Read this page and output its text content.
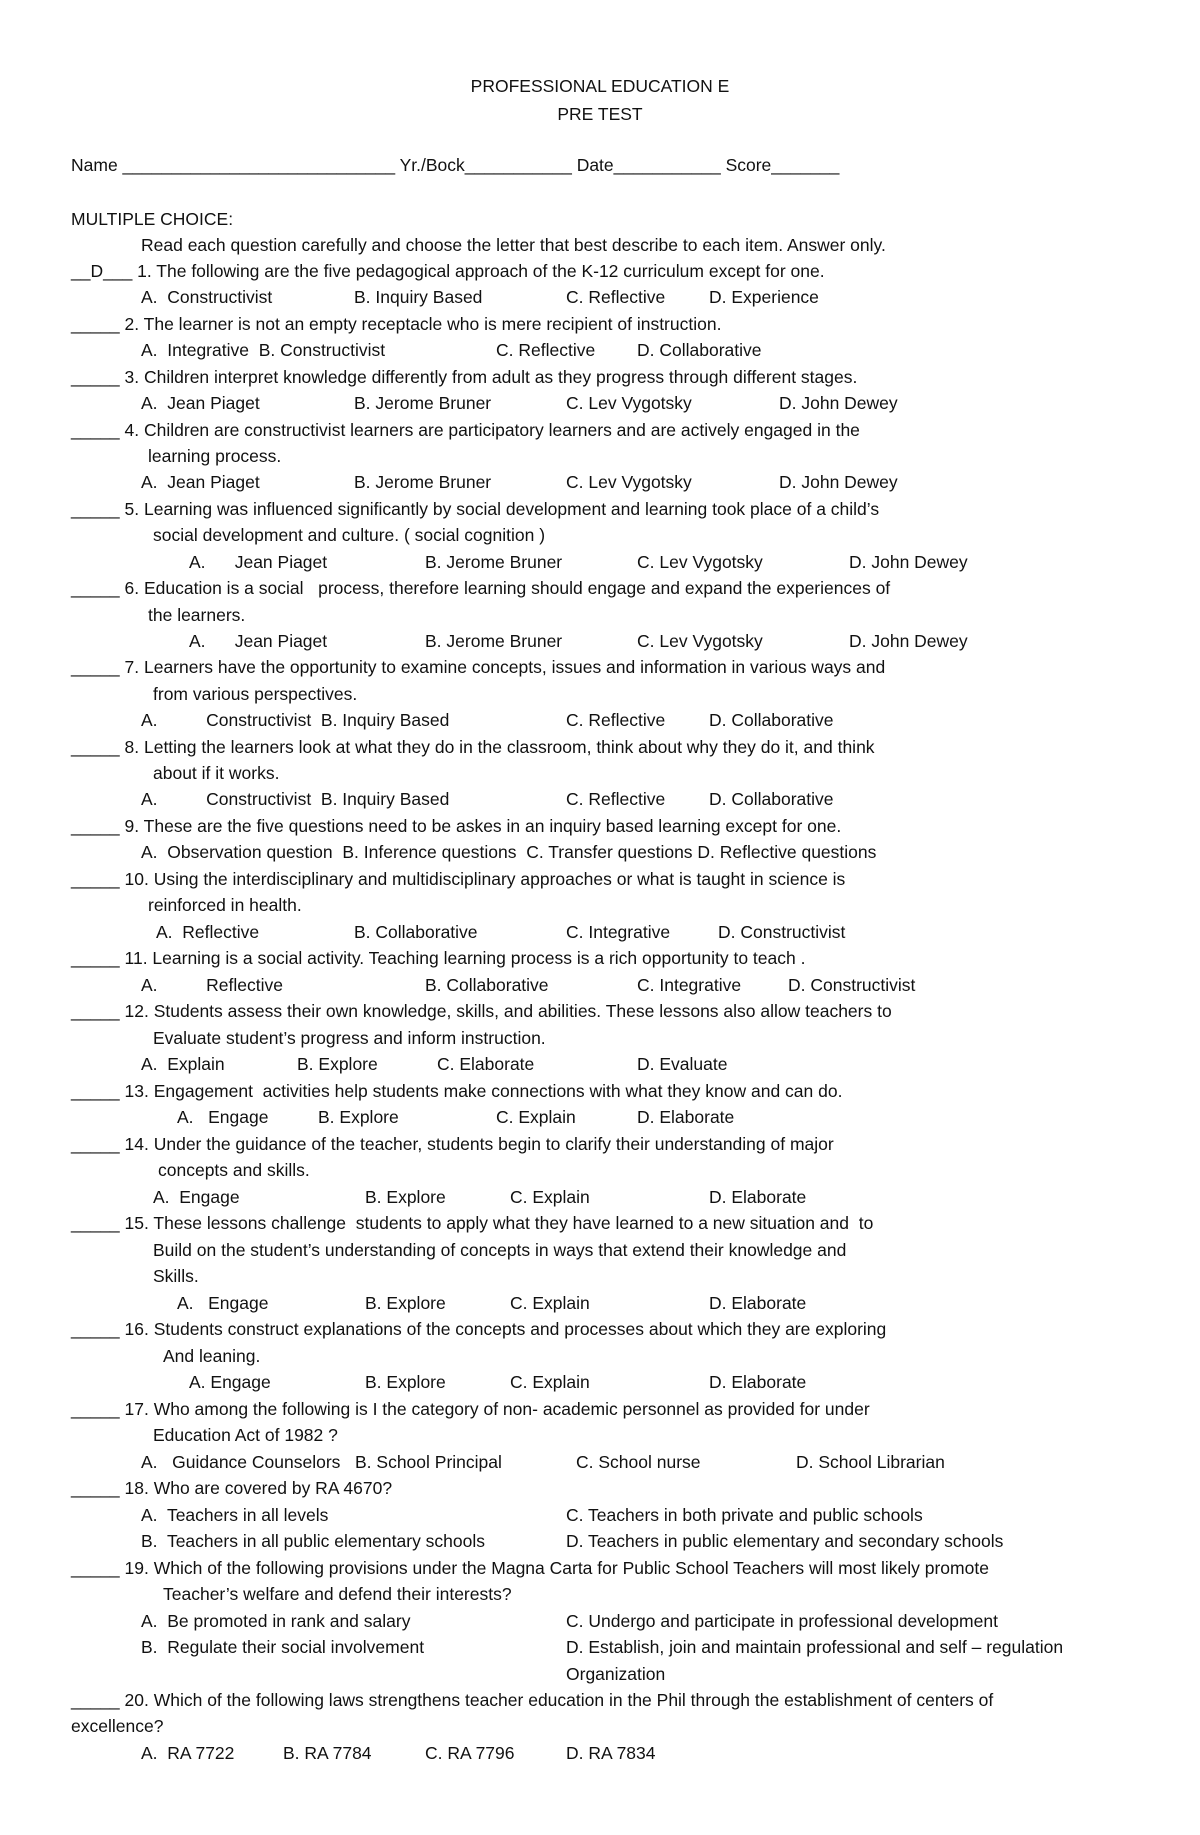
PROFESSIONAL EDUCATION E
PRE TEST
Name ____________________________ Yr./Bock___________ Date___________ Score_______
MULTIPLE CHOICE:
Read each question carefully and choose the letter that best describe to each item. Answer only.
__D___ 1. The following are the five pedagogical approach of the K-12 curriculum except for one.
A.  Constructivist	B. Inquiry Based	C. Reflective	D. Experience
_____ 2. The learner is not an empty receptacle who is mere recipient of instruction.
A.  Integrative  B. Constructivist	C. Reflective D. Collaborative
_____ 3. Children interpret knowledge differently from adult as they progress through different stages.
A.  Jean Piaget	B. Jerome Bruner	C. Lev Vygotsky	D. John Dewey
_____ 4. Children are constructivist learners are participatory learners and are actively engaged in the
learning process.
A.  Jean Piaget	B. Jerome Bruner	C. Lev Vygotsky	D. John Dewey
_____ 5. Learning was influenced significantly by social development and learning took place of a child’s
social development and culture. ( social cognition )
A.      Jean Piaget	B. Jerome Bruner	C. Lev Vygotsky	D. John Dewey
_____ 6. Education is a social   process, therefore learning should engage and expand the experiences of
the learners.
A.      Jean Piaget	B. Jerome Bruner	C. Lev Vygotsky	D. John Dewey
_____ 7. Learners have the opportunity to examine concepts, issues and information in various ways and
from various perspectives.
A.          Constructivist  B. Inquiry Based	C. Reflective	D. Collaborative
_____ 8. Letting the learners look at what they do in the classroom, think about why they do it, and think
about if it works.
A.          Constructivist  B. Inquiry Based	C. Reflective	D. Collaborative
_____ 9. These are the five questions need to be askes in an inquiry based learning except for one.
A.  Observation question  B. Inference questions  C. Transfer questions D. Reflective questions
_____ 10. Using the interdisciplinary and multidisciplinary approaches or what is taught in science is
reinforced in health.
A.  Reflective	B. Collaborative	C. Integrative	D. Constructivist
_____ 11. Learning is a social activity. Teaching learning process is a rich opportunity to teach .
A.          Reflective	B. Collaborative	C. Integrative	D. Constructivist
_____ 12. Students assess their own knowledge, skills, and abilities. These lessons also allow teachers to
Evaluate student’s progress and inform instruction.
A.  Explain	B. Explore	C. Elaborate	D. Evaluate
_____ 13. Engagement  activities help students make connections with what they know and can do.
A.   Engage	B. Explore	C. Explain	D. Elaborate
_____ 14. Under the guidance of the teacher, students begin to clarify their understanding of major
concepts and skills.
A.  Engage	B. Explore	C. Explain	D. Elaborate
_____ 15. These lessons challenge  students to apply what they have learned to a new situation and  to
Build on the student’s understanding of concepts in ways that extend their knowledge and
Skills.
A.   Engage	B. Explore	C. Explain	D. Elaborate
_____ 16. Students construct explanations of the concepts and processes about which they are exploring
And leaning.
A. Engage	B. Explore	C. Explain	D. Elaborate
_____ 17. Who among the following is I the category of non- academic personnel as provided for under
Education Act of 1982 ?
A.   Guidance Counselors   B. School Principal	C. School nurse	D. School Librarian
_____ 18. Who are covered by RA 4670?
A.  Teachers in all levels	C. Teachers in both private and public schools
B.  Teachers in all public elementary schools	D. Teachers in public elementary and secondary schools
_____ 19. Which of the following provisions under the Magna Carta for Public School Teachers will most likely promote
Teacher’s welfare and defend their interests?
A.  Be promoted in rank and salary	C. Undergo and participate in professional development
B.  Regulate their social involvement	D. Establish, join and maintain professional and self – regulation
Organization
_____ 20. Which of the following laws strengthens teacher education in the Phil through the establishment of centers of
excellence?
A.  RA 7722	B. RA 7784	C. RA 7796	D. RA 7834
